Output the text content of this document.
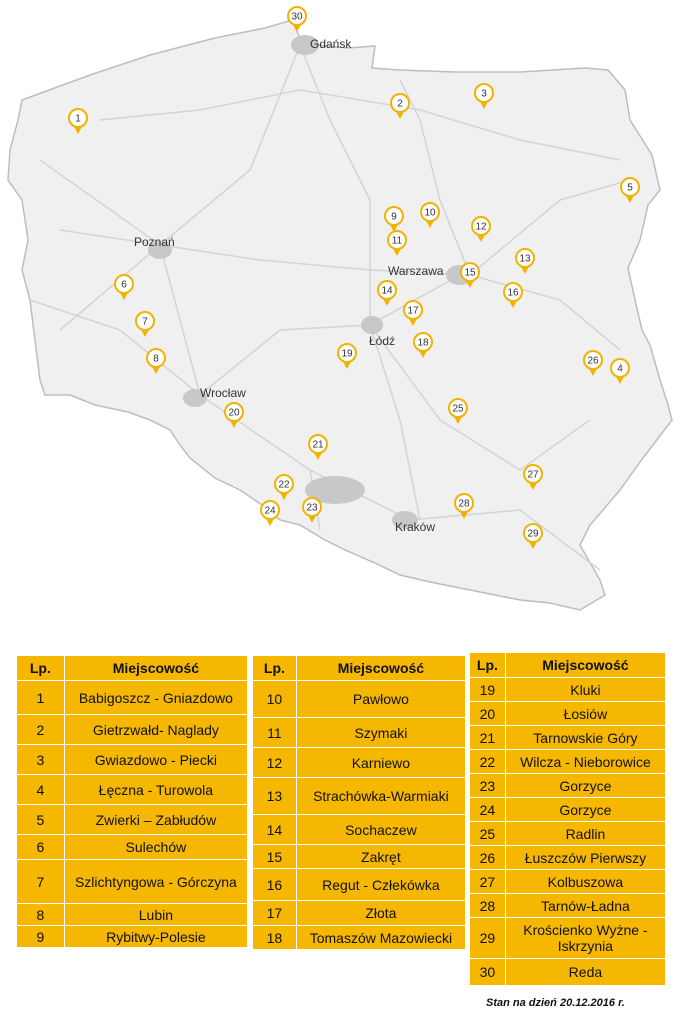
Gdańsk
Poznań
Warszawa
Łódź
Wrocław
Kraków
1
2
3
4
5
6
7
8
9	10
11
12
13
14
15
16
17
18
19
20
21
22
23
24
25
26
27
28
29
30
Lp.	Miejscowość
1	Babigoszcz - Gniazdowo
2	Gietrzwałd- Naglady
3	Gwiazdowo - Piecki
4	Łęczna - Turowola
5	Zwierki – Zabłudów
6	Sulechów
7	Szlichtyngowa - Górczyna
8	Lubin
9	Rybitwy-Polesie
Lp.	Miejscowość
10	Pawłowo
11	Szymaki
12	Karniewo
13	Strachówka-Warmiaki
14	Sochaczew
15	Zakręt
16	Regut - Człekówka
17	Złota
18	Tomaszów Mazowiecki
Lp.	Miejscowość
19	Kluki
20	Łosiów
21	Tarnowskie Góry
22	Wilcza - Nieborowice
23	Gorzyce
24	Gorzyce
25	Radlin
26	Łuszczów Pierwszy
27	Kolbuszowa
28	Tarnów-Ładna
29	Krościenko Wyżne - Iskrzynia
30	Reda
Stan na dzień 20.12.2016 r.
